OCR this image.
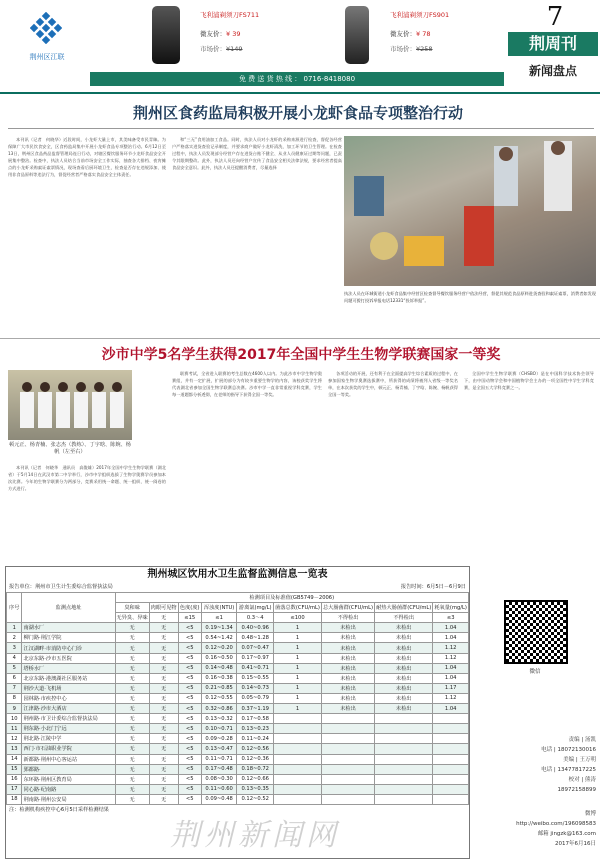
荆州区江联
飞利浦剃须刀FS711
微友价：¥ 39
市场价：¥149
飞利浦剃须刀FS901
微友价：¥ 78
市场价：¥258
免 费 送 货 热 线 ： 0716-8418080
7
荆周刊
新闻盘点
荆州区食药监局积极开展小龙虾食品专项整治行动

本刊讯（记者　何晓华）近段时间，小龙虾大量上市，其美味备受市民青睐。为保障广大市民饮食安全，区食药监局集中开展小龙虾食品专项整治行动。6月12日至13日，荆州区食品药品监督管理局连日行动，对辖区餐饮服务环节小龙虾食品安全开展集中整治。检查中，执法人员结合当前市场安全工作实际，抽查各大排档、夜宵摊点的小龙虾采购索证索票情况，现场查看后厨环境卫生，检查是否存在违规添加、使用非食品原料等违法行为，督促经营者严格落实食品安全主体责任。

和“三无”食用油加工食品。同时，执法人员对小龙虾的采购来源进行检查，督促各经营户严格落实进货查验记录制度，并要求商户做好小龙虾清洗、加工环节的卫生管理。在检查过程中，执法人员发现部分经营户存在进货台账不健全、从业人员健康证过期等问题，已责令其限期整改。此外，执法人员还向经营户宣传了食品安全相关法律法规，要求经营者提高食品安全意识。此外，执法人员还提醒消费者，尽量选择

执法人员在环城街道小龙虾食品集中经营区检查督导餐饮服务经营户依法经营，督促其规范食品原料进货查验和索证索票，消费者如发现问题可拨打投诉举报电话12331“投诉举报”。
沙市中学5名学生获得2017年全国中学生生物学联赛国家一等奖
顿元正、杨青楠、张志杰（教练）、丁宇晗、陈婉、杨帆（左至右）

本刊讯（记者　何晓华　通讯员　高俊雄）2017年全国中学生生物学联赛（湖北省）于5月14日在武汉市第二中学举行，沙市中学组织选拔了生物学奥赛学员参加本次比赛。今年的生物学联赛分为两部分，竞赛采用统一命题、统一组织、统一阅卷的方式进行。

联赛考试，全省进入联赛的考生总数在4600人以内。为此沙市中学生物学奥赛组，并有一定扩展，扩展的部分为有较多重要生物学的内容，该校获奖学生将代表湖北省参加全国生物学联赛总决赛。沙市中学一直非常重视学科竞赛，学生每一道题都分析透彻，在老师的指导下获得全国一等奖。

各项活动的开展，还有利于在全面提高学生综合素质的过程中，在参加国家生物学奥赛选拔赛中，所获得的成绩将被列入省级一等奖名单，在本次获奖的学生中，顿元正、杨青楠、丁宇晗、陈婉、杨帆获得全国一等奖。

全国中学生生物学联赛（CHSBO）是在中国科学技术协会领导下，由中国动物学会和中国植物学会主办的一项全国性中学生学科竞赛，是全国五大学科竞赛之一。

荆州城区饮用水卫生监督监测信息一览表
报告单位：荆州市卫生计生委综合监督执法局	报告时间：6月5日－6月9日
序号	监测点地址	检测项目及标准值(GB5749－2006)								
		臭和味	肉眼可见物	色度(度)	浑浊度(NTU)	游离氯(mg/L)	菌落总数(CFU/mL)	总大肠菌群(CFU/mL)	耐热大肠菌群(CFU/mL)	耗氧量(mg/L)
		无异臭、异味	无	≤15	≤1	0.3～4	≤100	不得检出	不得检出	≤3
1	南湖水厂	无	无	<5	0.19~1.34	0.40~0.96	1	未检出	未检出	1.04
2	柳门路·荆江学院	无	无	<5	0.54~1.42	0.48~1.28	1	未检出	未检出	1.04
3	江汉湖畔·市消防中心门诊	无	无	<5	0.12~0.20	0.07~0.47	1	未检出	未检出	1.12
4	北京东路·沙市五医院	无	无	<5	0.16~0.50	0.17~0.97	1	未检出	未检出	1.12
5	塔桥水厂	无	无	<5	0.14~0.48	0.41~0.71	1	未检出	未检出	1.04
6	北京东路·港澳湖社区服务站	无	无	<5	0.16~0.38	0.15~0.55	1	未检出	未检出	1.04
7	荆沙大道·飞机场	无	无	<5	0.21~0.85	0.14~0.73	1	未检出	未检出	1.17
8	园林路·市疾控中心	无	无	<5	0.12~0.55	0.05~0.79	1	未检出	未检出	1.12
9	江津路·沙市大酒店	无	无	<5	0.32~0.86	0.37~1.19	1	未检出	未检出	1.04
10	荆州路·市卫计委综合监督执法局	无	无	<5	0.13~0.32	0.17~0.58				
11	荆东路·小北门宁远	无	无	<5	0.10~0.71	0.13~0.23				
12	荆北路·江陵中学	无	无	<5	0.09~0.28	0.11~0.24				
13	西门·市石油职业学院	无	无	<5	0.13~0.47	0.12~0.56				
14	新都路·荆州中心客运站	无	无	<5	0.11~0.71	0.12~0.36				
15	郢都路·	无	无	<5	0.17~0.48	0.18~0.72				
16	东环路·荆州区教育局	无	无	<5	0.08~0.30	0.12~0.66				
17	同心路·纪南路	无	无	<5	0.11~0.60	0.13~0.35				
18	荆南路·荆州公安局	无	无	<5	0.09~0.48	0.12~0.52				
注：检测机构疾控中心6月5日采样检测结果
微信
责编 | 汤凯
电话 | 18072130016
美编 | 王万明
电话 | 13477817225
校对 | 熊涛
18972158899
微博
http://weibo.com/196098583
邮箱 jingzk@163.com
2017年6月16日
荆州新闻网
